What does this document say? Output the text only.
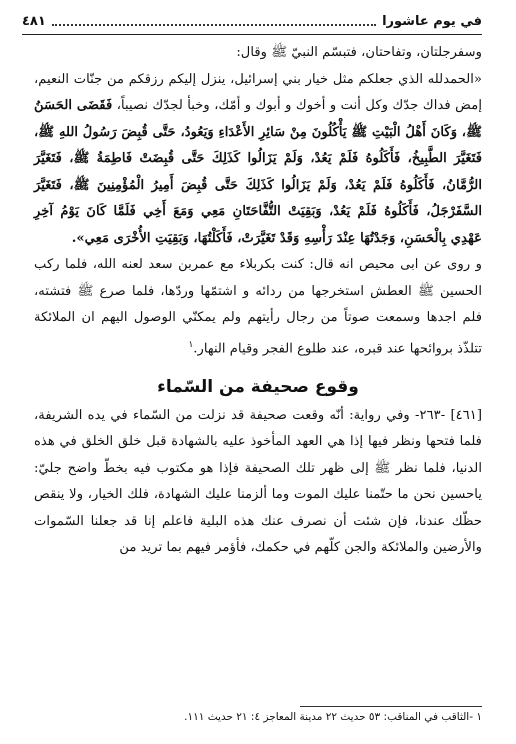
في يوم عاشورا
٤٨١

وسفرجلتان، وتفاحتان، فتبسّم النبيّ ﷺ وقال:

«الحمدلله الذي جعلكم مثل خيار بني إسرائيل، ينزل إليكم رزقكم من جنّات النعيم، إمض فداك جدّك وكل أنت و أخوك و أبوك و أمّك، وخبأ لجدّك نصيباً، فَقَضَى الحَسَنُ ﷺ، وَكَانَ أَهْلُ الْبَيْتِ ﷺ يَأْكُلُونَ مِنْ سَائِرِ الأَعْدَاءِ وَيَعُودُ، حَتَّى قُبِضَ رَسُولُ اللهِ ﷺ، فَتَغَيَّرَ الطَّبِيخُ، فَأَكَلُوهُ فَلَمْ يَعُدْ، وَلَمْ يَزَالُوا كَذَلِكَ حَتَّى قُبِضَتْ فَاطِمَةُ ﷺ، فَتَغَيَّرَ الرُّمَّانُ، فَأَكَلُوهُ فَلَمْ يَعُدْ، وَلَمْ يَزَالُوا كَذَلِكَ حَتَّى قُبِضَ أَمِيرُ الْمُؤْمِنِينَ ﷺ، فَتَغَيَّرَ السَّفَرْجَلُ، فَأَكَلُوهُ فَلَمْ يَعُدْ، وَبَقِيَتْ التُّفَّاحَتَانِ مَعِي وَمَعَ أَخِي فَلَمَّا كَانَ يَوْمُ آخِرِ عَهْدِي بِالْحَسَنِ، وَجَدْتُهَا عِنْدَ رَأْسِهِ وَقَدْ تَغَيَّرَتْ، فَأَكَلْتُهَا، وَبَقِيَتِ الأُخْرَى مَعِي».

و روى عن ابى محيص انه قال: كنت بكربلاء مع عمربن سعد لعنه الله، فلما ركب الحسين ﷺ العطش استخرجها من ردائه و اشتمّها وردّها، فلما صرع ﷺ فتشته، فلم اجدها وسمعت صوتاً من رجال رأيتهم ولم يمكنّي الوصول اليهم ان الملائكة تتلذّذ بروائحها عند قبره، عند طلوع الفجر وقيام النهار.$^١$

وقوع صحيفة من السّماء

[٤٦١] -٢٦٣- وفي رواية: أنّه وقعت صحيفة قد نزلت من السّماء في يده الشريفة، فلما فتحها ونظر فيها إذا هي العهد المأخوذ عليه بالشهادة قبل خلق الخلق في هذه الدنيا، فلما نظر ﷺ إلى ظهر تلك الصحيفة فإذا هو مكتوب فيه بخطّ واضح جليّ: ياحسين نحن ما حتّمنا عليك الموت وما ألزمنا عليك الشهادة، فلك الخيار، ولا ينقص حظّك عندنا، فإن شئت أن نصرف عنك هذه البلية فاعلم إنا قد جعلنا السّموات والأرضين والملائكة والجن كلّهم في حكمك، فأؤمر فيهم بما تريد من

١ -الثاقب في المناقب: ٥٣ حديث ٢٢ مدينة المعاجز ٤: ٢١ حديث ١١١.
